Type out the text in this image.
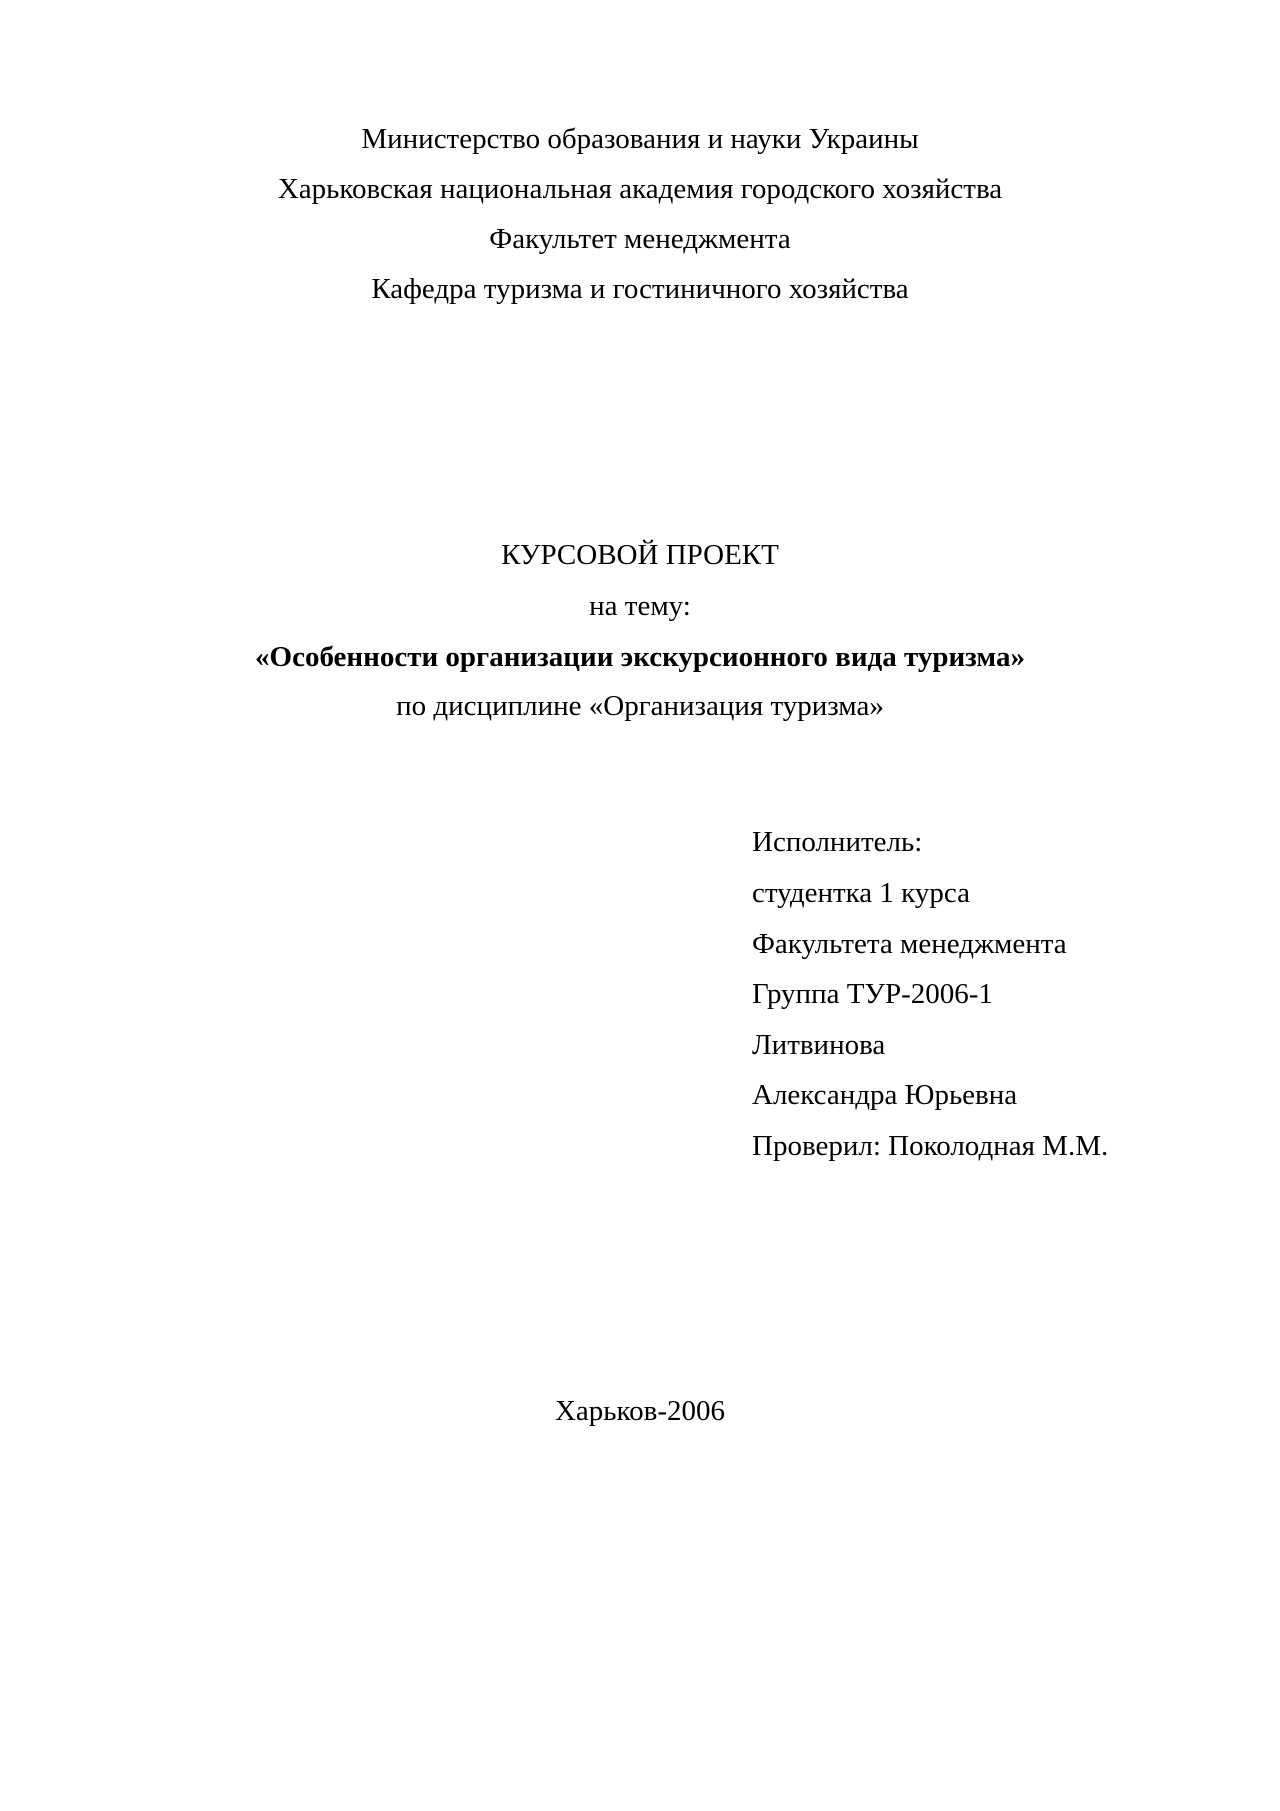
Министерство образования и науки Украины
Харьковская национальная академия городского хозяйства
Факультет менеджмента
Кафедра туризма и гостиничного хозяйства
КУРСОВОЙ ПРОЕКТ
на тему:
«Особенности организации экскурсионного вида туризма»
по дисциплине «Организация туризма»
Исполнитель:
студентка 1 курса
Факультета менеджмента
Группа ТУР-2006-1
Литвинова
Александра Юрьевна
Проверил: Поколодная М.М.
Харьков-2006
